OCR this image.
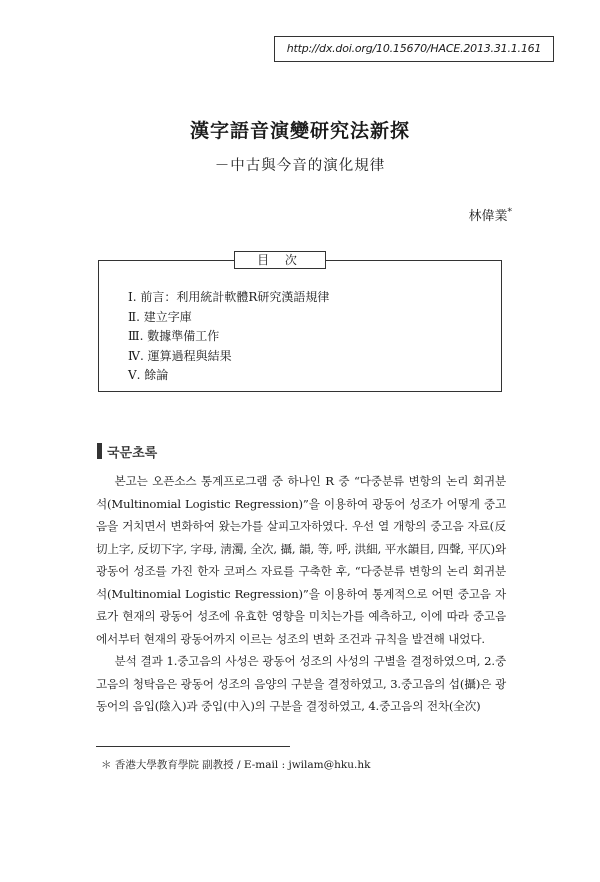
http://dx.doi.org/10.15670/HACE.2013.31.1.161
漢字語音演變研究法新探
－中古與今音的演化規律
林偉業*
目 次
Ⅰ. 前言：利用統計軟體R研究漢語規律
Ⅱ. 建立字庫
Ⅲ. 數據準備工作
Ⅳ. 運算過程與結果
Ⅴ. 餘論
국문초록

본고는 오픈소스 통계프로그램 중 하나인 R 중 “다중분류 변항의 논리 회귀분석(Multinomial Logistic Regression)”을 이용하여 광동어 성조가 어떻게 중고음을 거치면서 변화하여 왔는가를 살피고자하였다. 우선 열 개항의 중고음 자료(反切上字, 反切下字, 字母, 淸濁, 全次, 攝, 韻, 等, 呼, 洪細, 平水韻目, 四聲, 平仄)와 광동어 성조를 가진 한자 코퍼스 자료를 구축한 후, “다중분류 변항의 논리 회귀분석(Multinomial Logistic Regression)”을 이용하여 통계적으로 어떤 중고음 자료가 현재의 광동어 성조에 유효한 영향을 미치는가를 예측하고, 이에 따라 중고음에서부터 현재의 광동어까지 이르는 성조의 변화 조건과 규칙을 발견해 내었다.

분석 결과 1.중고음의 사성은 광동어 성조의 사성의 구별을 결정하였으며, 2.중고음의 청탁음은 광동어 성조의 음양의 구분을 결정하였고, 3.중고음의 섭(攝)은 광동어의 음입(陰入)과 중입(中入)의 구분을 결정하였고, 4.중고음의 전차(全次)

＊ 香港大學教育學院 副教授 / E-mail : jwilam@hku.hk
